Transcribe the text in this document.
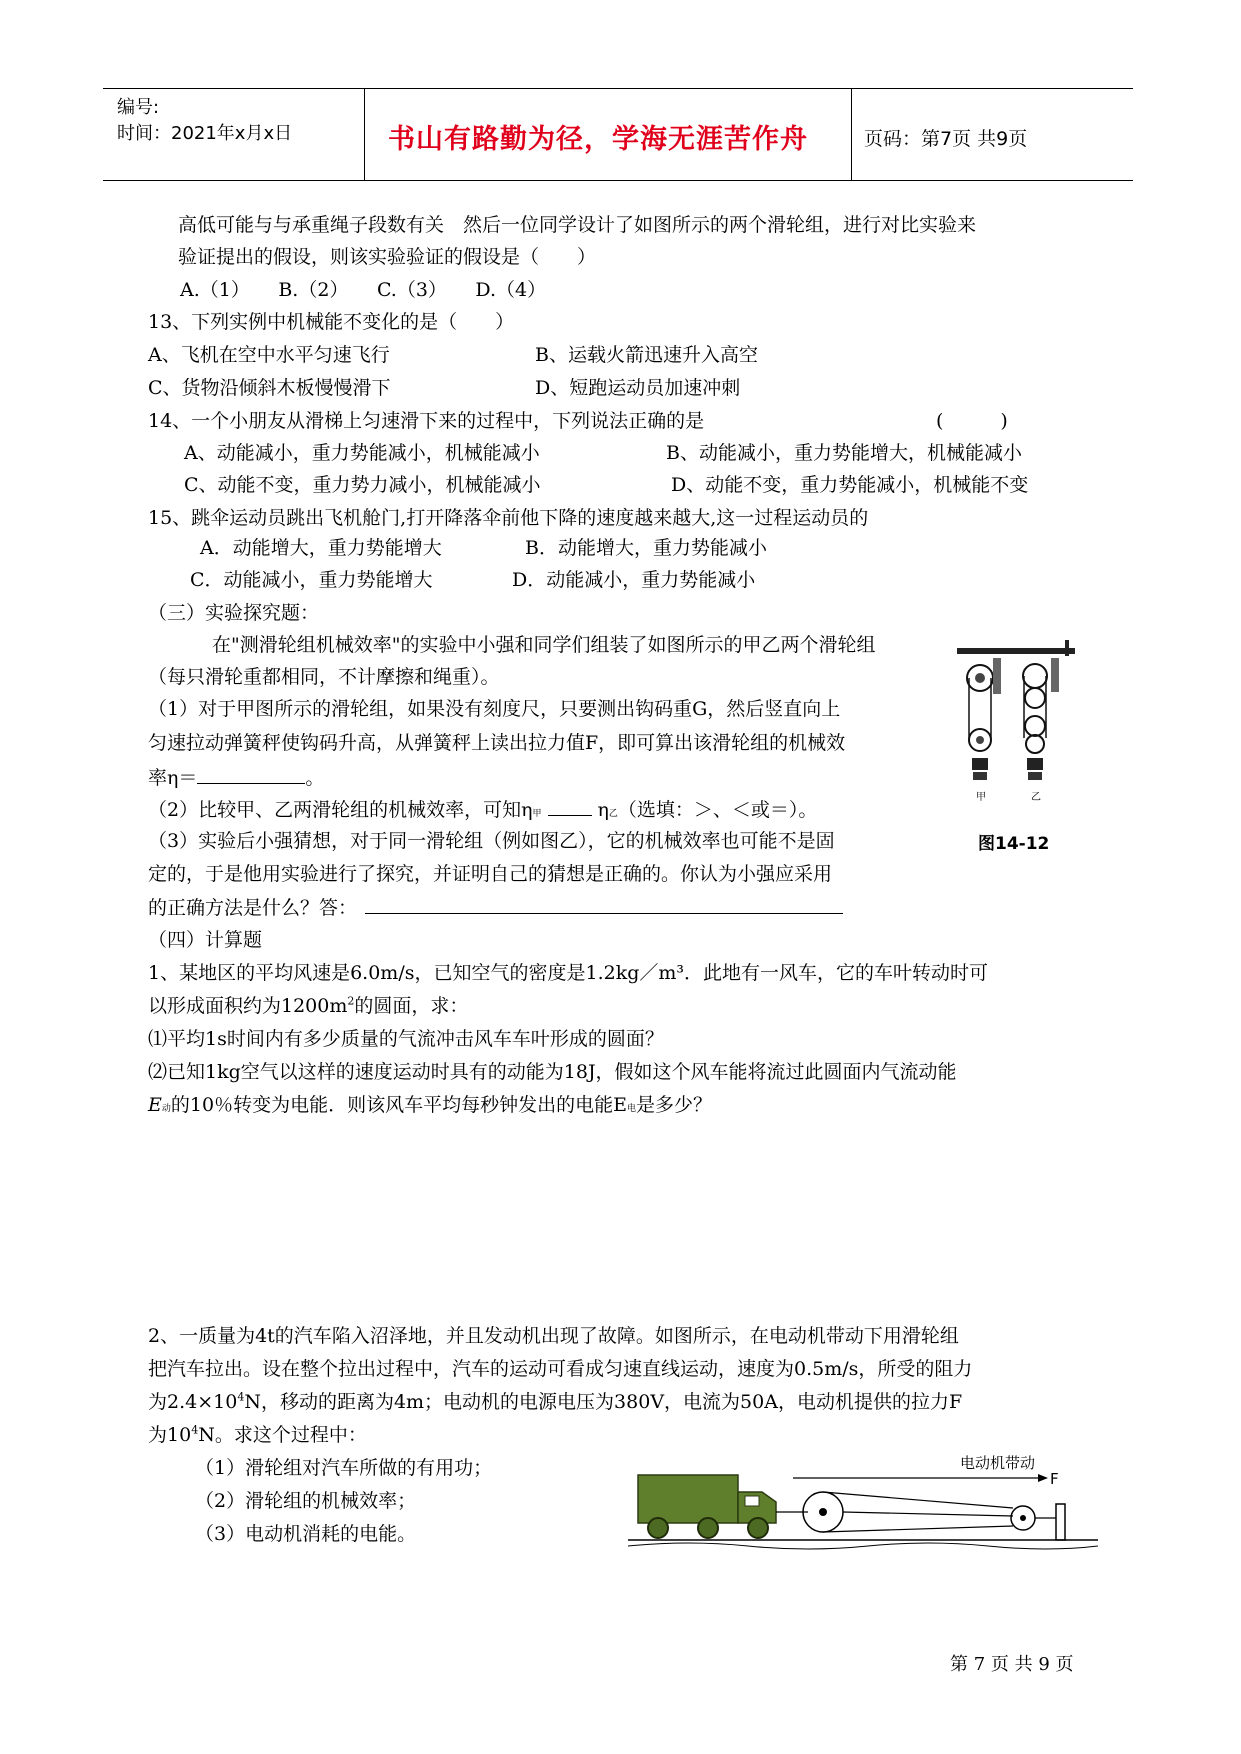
编号:
时间：2021年x月x日	书山有路勤为径，学海无涯苦作舟	页码：第7页 共9页
高低可能与与承重绳子段数有关　然后一位同学设计了如图所示的两个滑轮组，进行对比实验来
验证提出的假设，则该实验验证的假设是（　　）
A.（1）　　B.（2）　　C.（3）　　D.（4）
13、下列实例中机械能不变化的是（　　）
A、飞机在空中水平匀速飞行	B、运载火箭迅速升入高空
C、货物沿倾斜木板慢慢滑下	D、短跑运动员加速冲刺
14、一个小朋友从滑梯上匀速滑下来的过程中，下列说法正确的是	(　　　)
A、动能减小，重力势能减小，机械能减小	B、动能减小，重力势能增大，机械能减小
C、动能不变，重力势力减小，机械能减小	D、动能不变，重力势能减小，机械能不变
15、跳伞运动员跳出飞机舱门,打开降落伞前他下降的速度越来越大,这一过程运动员的
A．动能增大，重力势能增大	B．动能增大，重力势能减小
C．动能减小，重力势能增大	D．动能减小，重力势能减小
（三）实验探究题：
在"测滑轮组机械效率"的实验中小强和同学们组装了如图所示的甲乙两个滑轮组
（每只滑轮重都相同，不计摩擦和绳重）。
（1）对于甲图所示的滑轮组，如果没有刻度尺，只要测出钩码重G，然后竖直向上
匀速拉动弹簧秤使钩码升高，从弹簧秤上读出拉力值F，即可算出该滑轮组的机械效
率η＝	。
（2）比较甲、乙两滑轮组的机械效率，可知η甲	η乙（选填：＞、＜或＝）。
（3）实验后小强猜想，对于同一滑轮组（例如图乙），它的机械效率也可能不是固
定的，于是他用实验进行了探究，并证明自己的猜想是正确的。你认为小强应采用
的正确方法是什么？答：
甲	乙
图14-12
（四）计算题
1、某地区的平均风速是6.0m/s，已知空气的密度是1.2kg／m³．此地有一风车，它的车叶转动时可
以形成面积约为$1200m^2$的圆面，求：
⑴平均1s时间内有多少质量的气流冲击风车车叶形成的圆面？
⑵已知1kg空气以这样的速度运动时具有的动能为18J，假如这个风车能将流过此圆面内气流动能
E动的10％转变为电能．则该风车平均每秒钟发出的电能E电是多少？
2、一质量为4t的汽车陷入沼泽地，并且发动机出现了故障。如图所示，在电动机带动下用滑轮组
把汽车拉出。设在整个拉出过程中，汽车的运动可看成匀速直线运动，速度为0.5m/s，所受的阻力
为$2.4\times 10^4N$，移动的距离为4m；电动机的电源电压为380V，电流为50A，电动机提供的拉力F
为$10^4N$。求这个过程中：
（1）滑轮组对汽车所做的有用功；
（2）滑轮组的机械效率；
（3）电动机消耗的电能。
电动机带动
F
第 7 页 共 9 页
